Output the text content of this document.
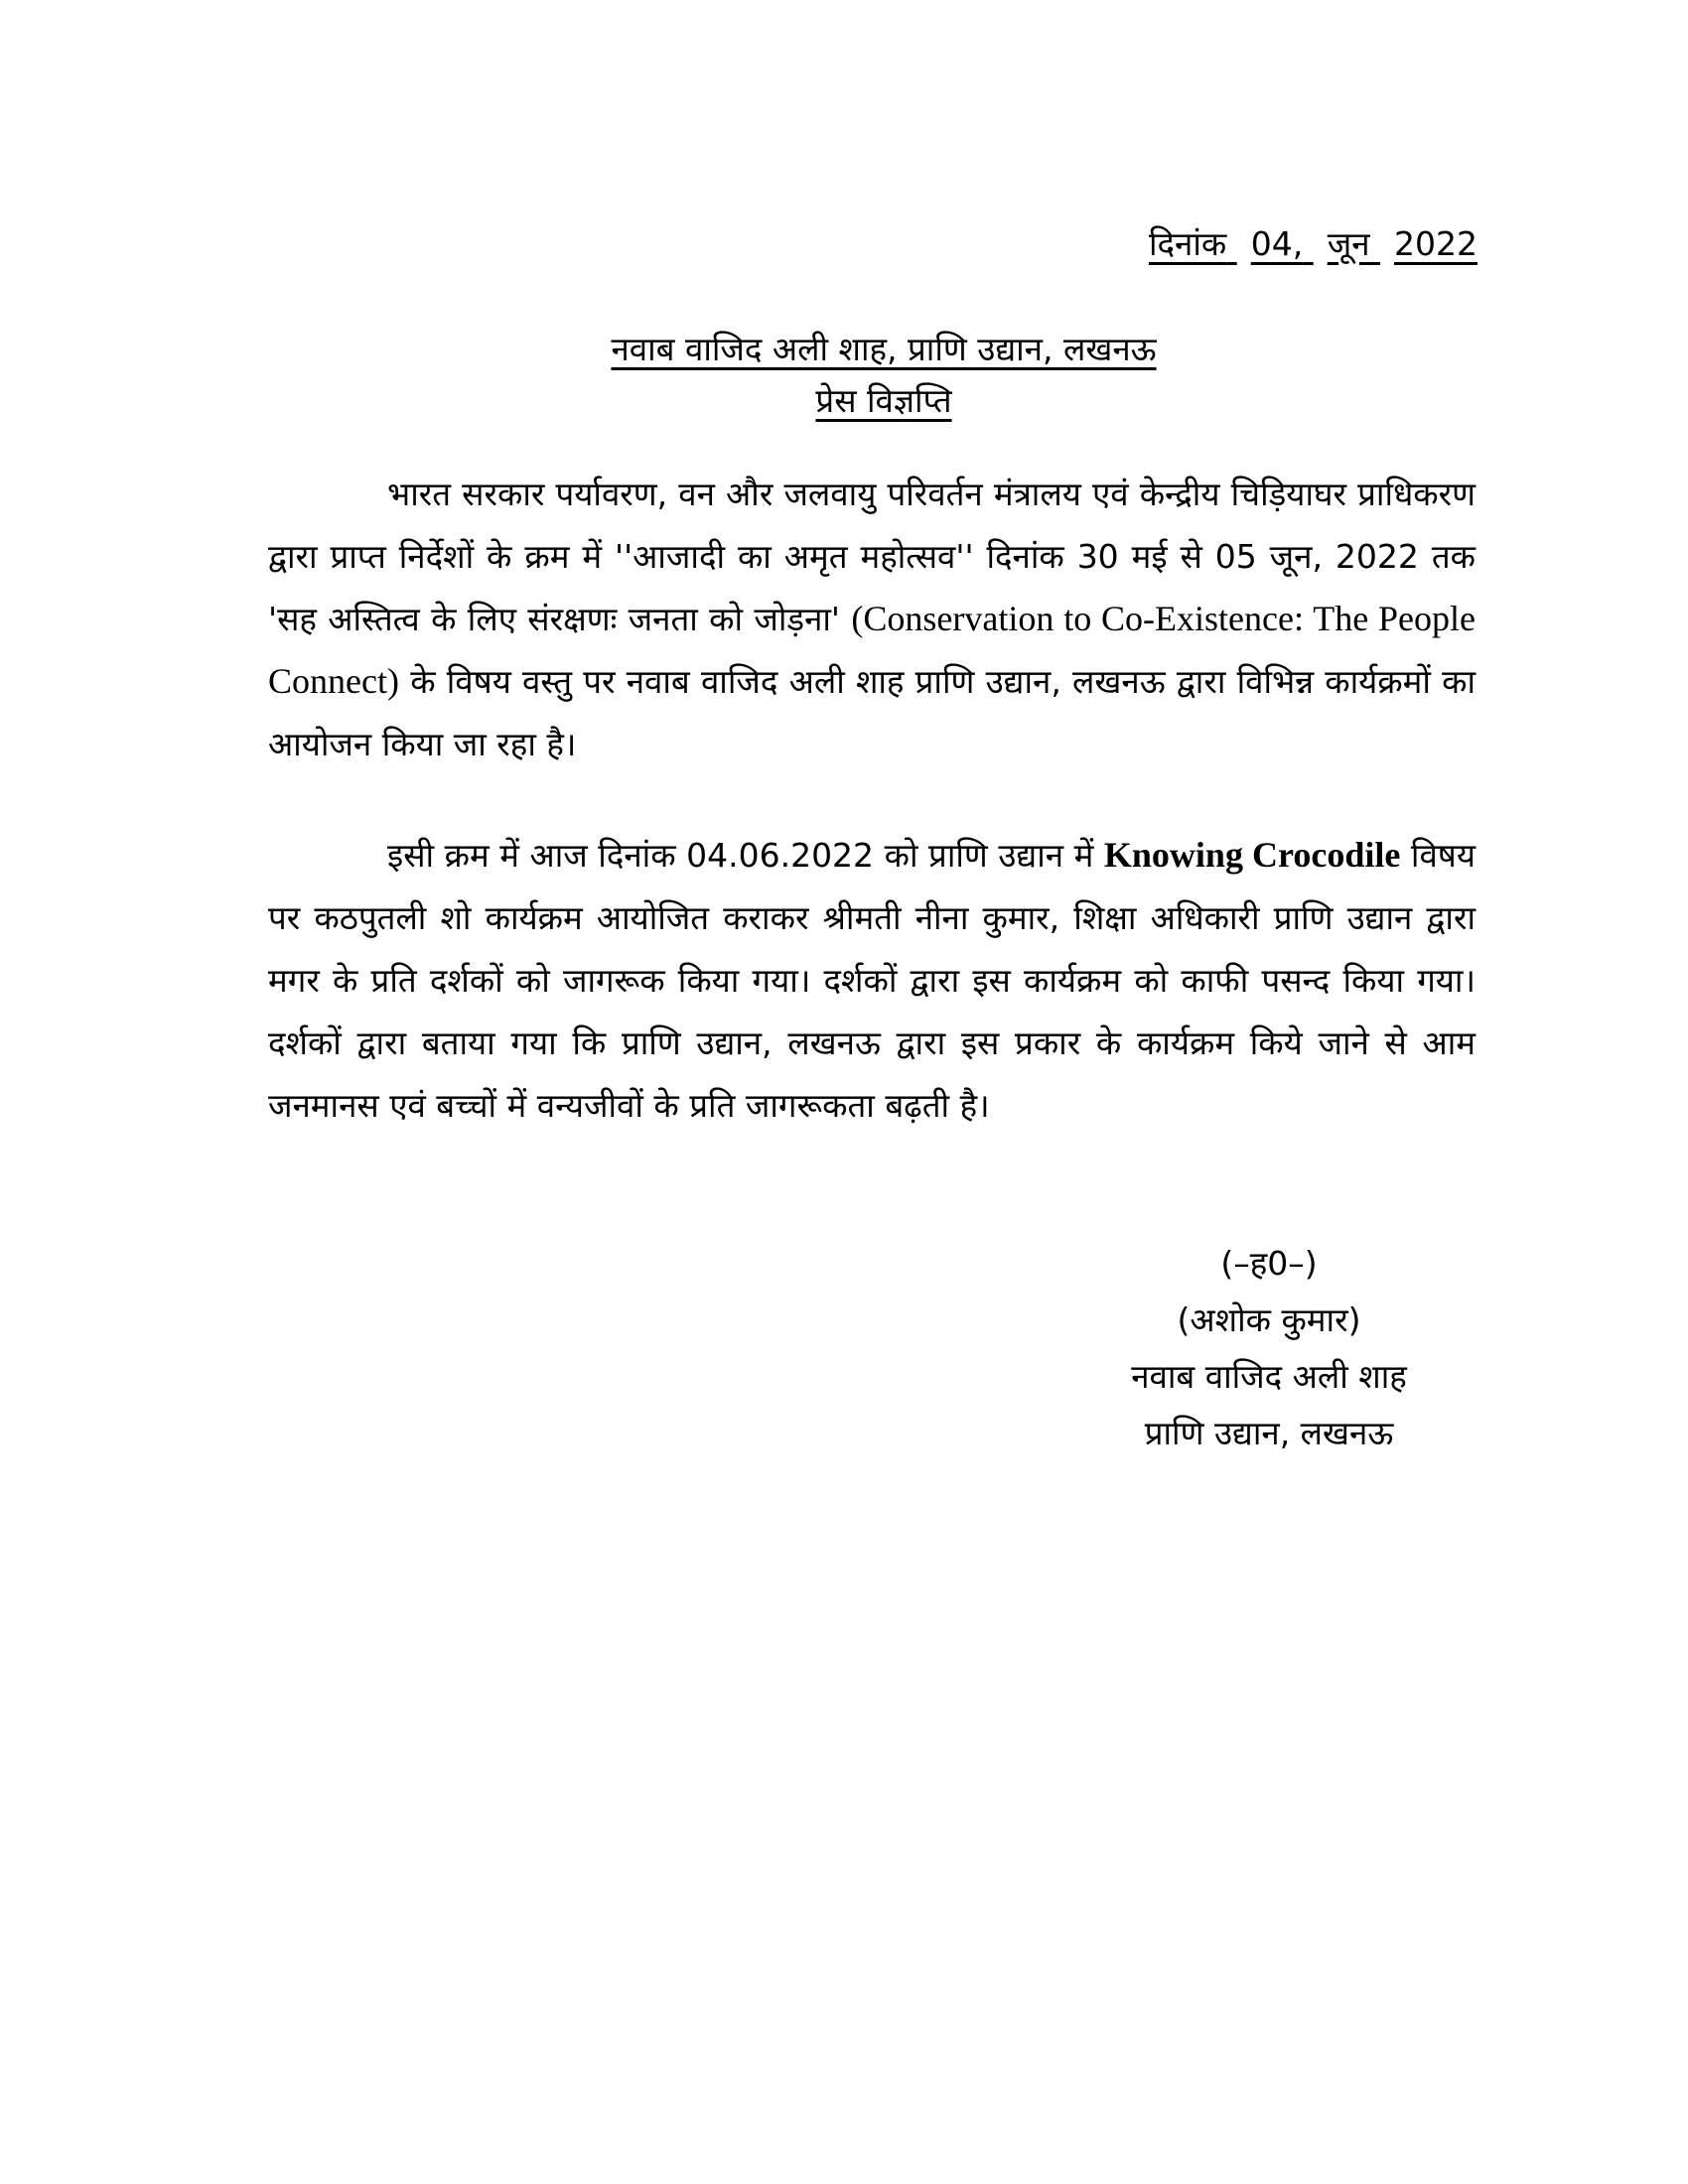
दिनांक 04, जून 2022
नवाब वाजिद अली शाह, प्राणि उद्यान, लखनऊ
प्रेस विज्ञप्ति
भारत सरकार पर्यावरण, वन और जलवायु परिवर्तन मंत्रालय एवं केन्द्रीय चिड़ियाघर प्राधिकरण द्वारा प्राप्त निर्देशों के क्रम में ''आजादी का अमृत महोत्सव'' दिनांक 30 मई से 05 जून, 2022 तक 'सह अस्तित्व के लिए संरक्षणः जनता को जोड़ना' (Conservation to Co-Existence: The People Connect) के विषय वस्तु पर नवाब वाजिद अली शाह प्राणि उद्यान, लखनऊ द्वारा विभिन्न कार्यक्रमों का आयोजन किया जा रहा है।
इसी क्रम में आज दिनांक 04.06.2022 को प्राणि उद्यान में Knowing Crocodile विषय पर कठपुतली शो कार्यक्रम आयोजित कराकर श्रीमती नीना कुमार, शिक्षा अधिकारी प्राणि उद्यान द्वारा मगर के प्रति दर्शकों को जागरूक किया गया। दर्शकों द्वारा इस कार्यक्रम को काफी पसन्द किया गया। दर्शकों द्वारा बताया गया कि प्राणि उद्यान, लखनऊ द्वारा इस प्रकार के कार्यक्रम किये जाने से आम जनमानस एवं बच्चों में वन्यजीवों के प्रति जागरूकता बढ़ती है।
(–ह0–)
(अशोक कुमार)
नवाब वाजिद अली शाह
प्राणि उद्यान, लखनऊ
